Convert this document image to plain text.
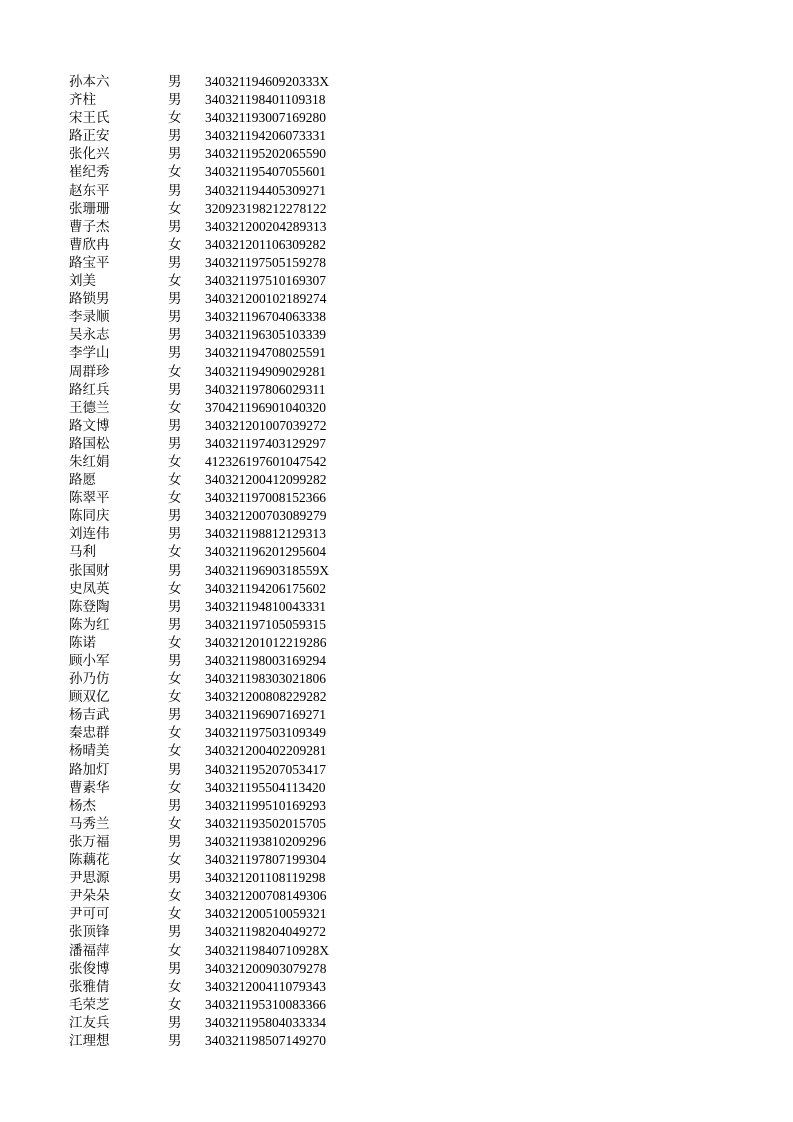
孙本六	男 34032119460920333X
齐柱	男 340321198401109318
宋王氏	女 340321193007169280
路正安	男 340321194206073331
张化兴	男 340321195202065590
崔纪秀	女 340321195407055601
赵东平	男 340321194405309271
张珊珊	女 320923198212278122
曹子杰	男 340321200204289313
曹欣冉	女 340321201106309282
路宝平	男 340321197505159278
刘美	女 340321197510169307
路锁男	男 340321200102189274
李录顺	男 340321196704063338
吴永志	男 340321196305103339
李学山	男 340321194708025591
周群珍	女 340321194909029281
路红兵	男 340321197806029311
王德兰	女 370421196901040320
路文博	男 340321201007039272
路国松	男 340321197403129297
朱红娟	女 412326197601047542
路愿	女 340321200412099282
陈翠平	女 340321197008152366
陈同庆	男 340321200703089279
刘连伟	男 340321198812129313
马利	女 340321196201295604
张国财	男 34032119690318559X
史凤英	女 340321194206175602
陈登陶	男 340321194810043331
陈为红	男 340321197105059315
陈诺	女 340321201012219286
顾小军	男 340321198003169294
孙乃仿	女 340321198303021806
顾双亿	女 340321200808229282
杨吉武	男 340321196907169271
秦忠群	女 340321197503109349
杨晴美	女 340321200402209281
路加灯	男 340321195207053417
曹素华	女 340321195504113420
杨杰	男 340321199510169293
马秀兰	女 340321193502015705
张万福	男 340321193810209296
陈藕花	女 340321197807199304
尹思源	男 340321201108119298
尹朵朵	女 340321200708149306
尹可可	女 340321200510059321
张顶锋	男 340321198204049272
潘福萍	女 34032119840710928X
张俊博	男 340321200903079278
张雅倩	女 340321200411079343
毛荣芝	女 340321195310083366
江友兵	男 340321195804033334
江理想	男 340321198507149270
